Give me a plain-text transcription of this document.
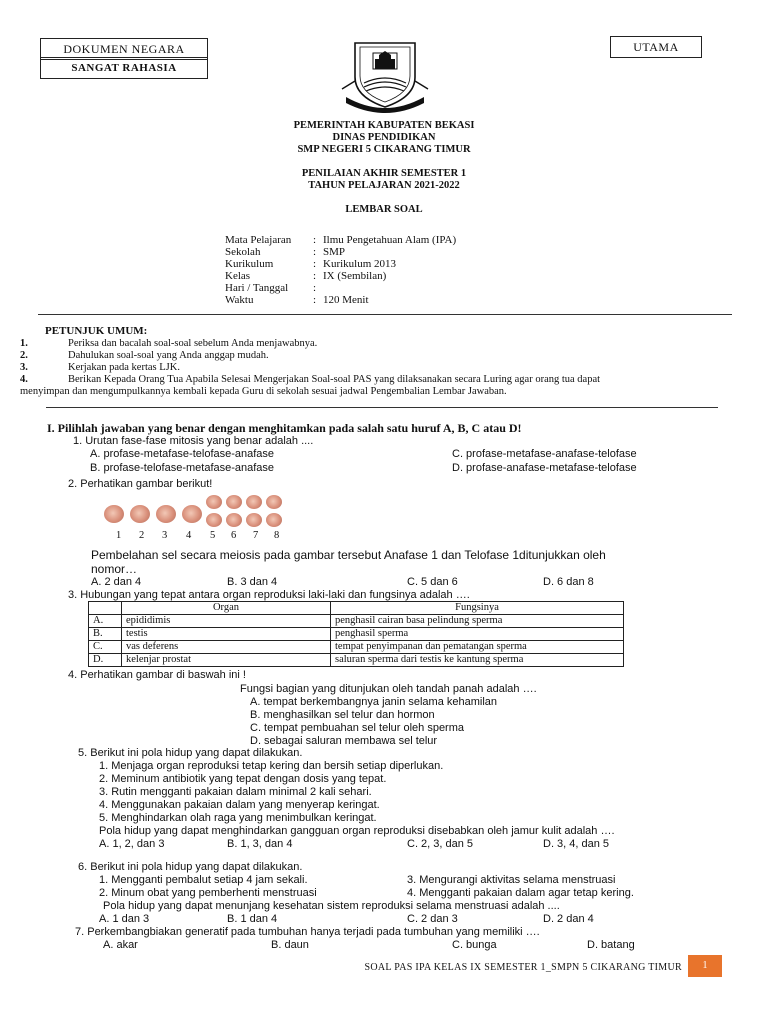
DOKUMEN NEGARA
SANGAT RAHASIA
UTAMA
PEMERINTAH KABUPATEN BEKASI
DINAS PENDIDIKAN
SMP NEGERI 5 CIKARANG TIMUR
PENILAIAN AKHIR SEMESTER 1
TAHUN PELAJARAN 2021-2022
LEMBAR SOAL
Mata Pelajaran : Ilmu Pengetahuan Alam (IPA)
Sekolah	: SMP
Kurikulum	: Kurikulum 2013
Kelas	: IX (Sembilan)
Hari / Tanggal :
Waktu	: 120 Menit
PETUNJUK UMUM:
1.	Periksa dan bacalah soal-soal sebelum Anda menjawabnya.
2.	Dahulukan soal-soal yang Anda anggap mudah.
3.	Kerjakan pada kertas LJK.
4.	Berikan Kepada Orang Tua Apabila Selesai Mengerjakan Soal-soal PAS yang dilaksanakan secara Luring agar orang tua dapat
menyimpan dan mengumpulkannya kembali kepada Guru di sekolah sesuai jadwal Pengembalian Lembar Jawaban.
I. Pilihlah jawaban yang benar dengan menghitamkan pada salah satu huruf A, B, C atau D!
1. Urutan fase-fase mitosis yang benar adalah ....
A. profase-metafase-telofase-anafase	C. profase-metafase-anafase-telofase
B. profase-telofase-metafase-anafase	D. profase-anafase-metafase-telofase
2. Perhatikan gambar berikut!
1 2 3 4 5 6 7 8
Pembelahan sel secara meiosis pada gambar tersebut Anafase 1 dan Telofase 1ditunjukkan oleh
nomor…
A. 2 dan 4	B. 3 dan 4	C. 5 dan 6	D. 6 dan 8
3. Hubungan yang tepat antara organ reproduksi laki-laki dan fungsinya adalah ….
	Organ	Fungsinya
A.	epididimis	penghasil cairan basa pelindung sperma
B.	testis	penghasil sperma
C.	vas deferens	tempat penyimpanan dan pematangan sperma
D.	kelenjar prostat	saluran sperma dari testis ke kantung sperma
4. Perhatikan gambar di baswah ini !
Fungsi bagian yang ditunjukan oleh tandah panah adalah ….
A. tempat berkembangnya janin selama kehamilan
B. menghasilkan sel telur dan hormon
C. tempat pembuahan sel telur oleh sperma
D. sebagai saluran membawa sel telur
5. Berikut ini pola hidup yang dapat dilakukan.
1. Menjaga organ reproduksi tetap kering dan bersih setiap diperlukan.
2. Meminum antibiotik yang tepat dengan dosis yang tepat.
3. Rutin mengganti pakaian dalam minimal 2 kali sehari.
4. Menggunakan pakaian dalam yang menyerap keringat.
5. Menghindarkan olah raga yang menimbulkan keringat.
Pola hidup yang dapat menghindarkan gangguan organ reproduksi disebabkan oleh jamur kulit adalah ….
A. 1, 2, dan 3	B. 1, 3, dan 4	C. 2, 3, dan 5	D. 3, 4, dan 5
6. Berikut ini pola hidup yang dapat dilakukan.
1. Mengganti pembalut setiap 4 jam sekali.	3. Mengurangi aktivitas selama menstruasi
2. Minum obat yang pemberhenti menstruasi	4. Mengganti pakaian dalam agar tetap kering.
Pola hidup yang dapat menunjang kesehatan sistem reproduksi selama menstruasi adalah ....
A. 1 dan 3	B. 1 dan 4	C. 2 dan 3	D. 2 dan 4
7. Perkembangbiakan generatif pada tumbuhan hanya terjadi pada tumbuhan yang memiliki ….
A. akar	B. daun	C. bunga	D. batang
SOAL PAS IPA KELAS IX SEMESTER 1_SMPN 5 CIKARANG TIMUR	1
